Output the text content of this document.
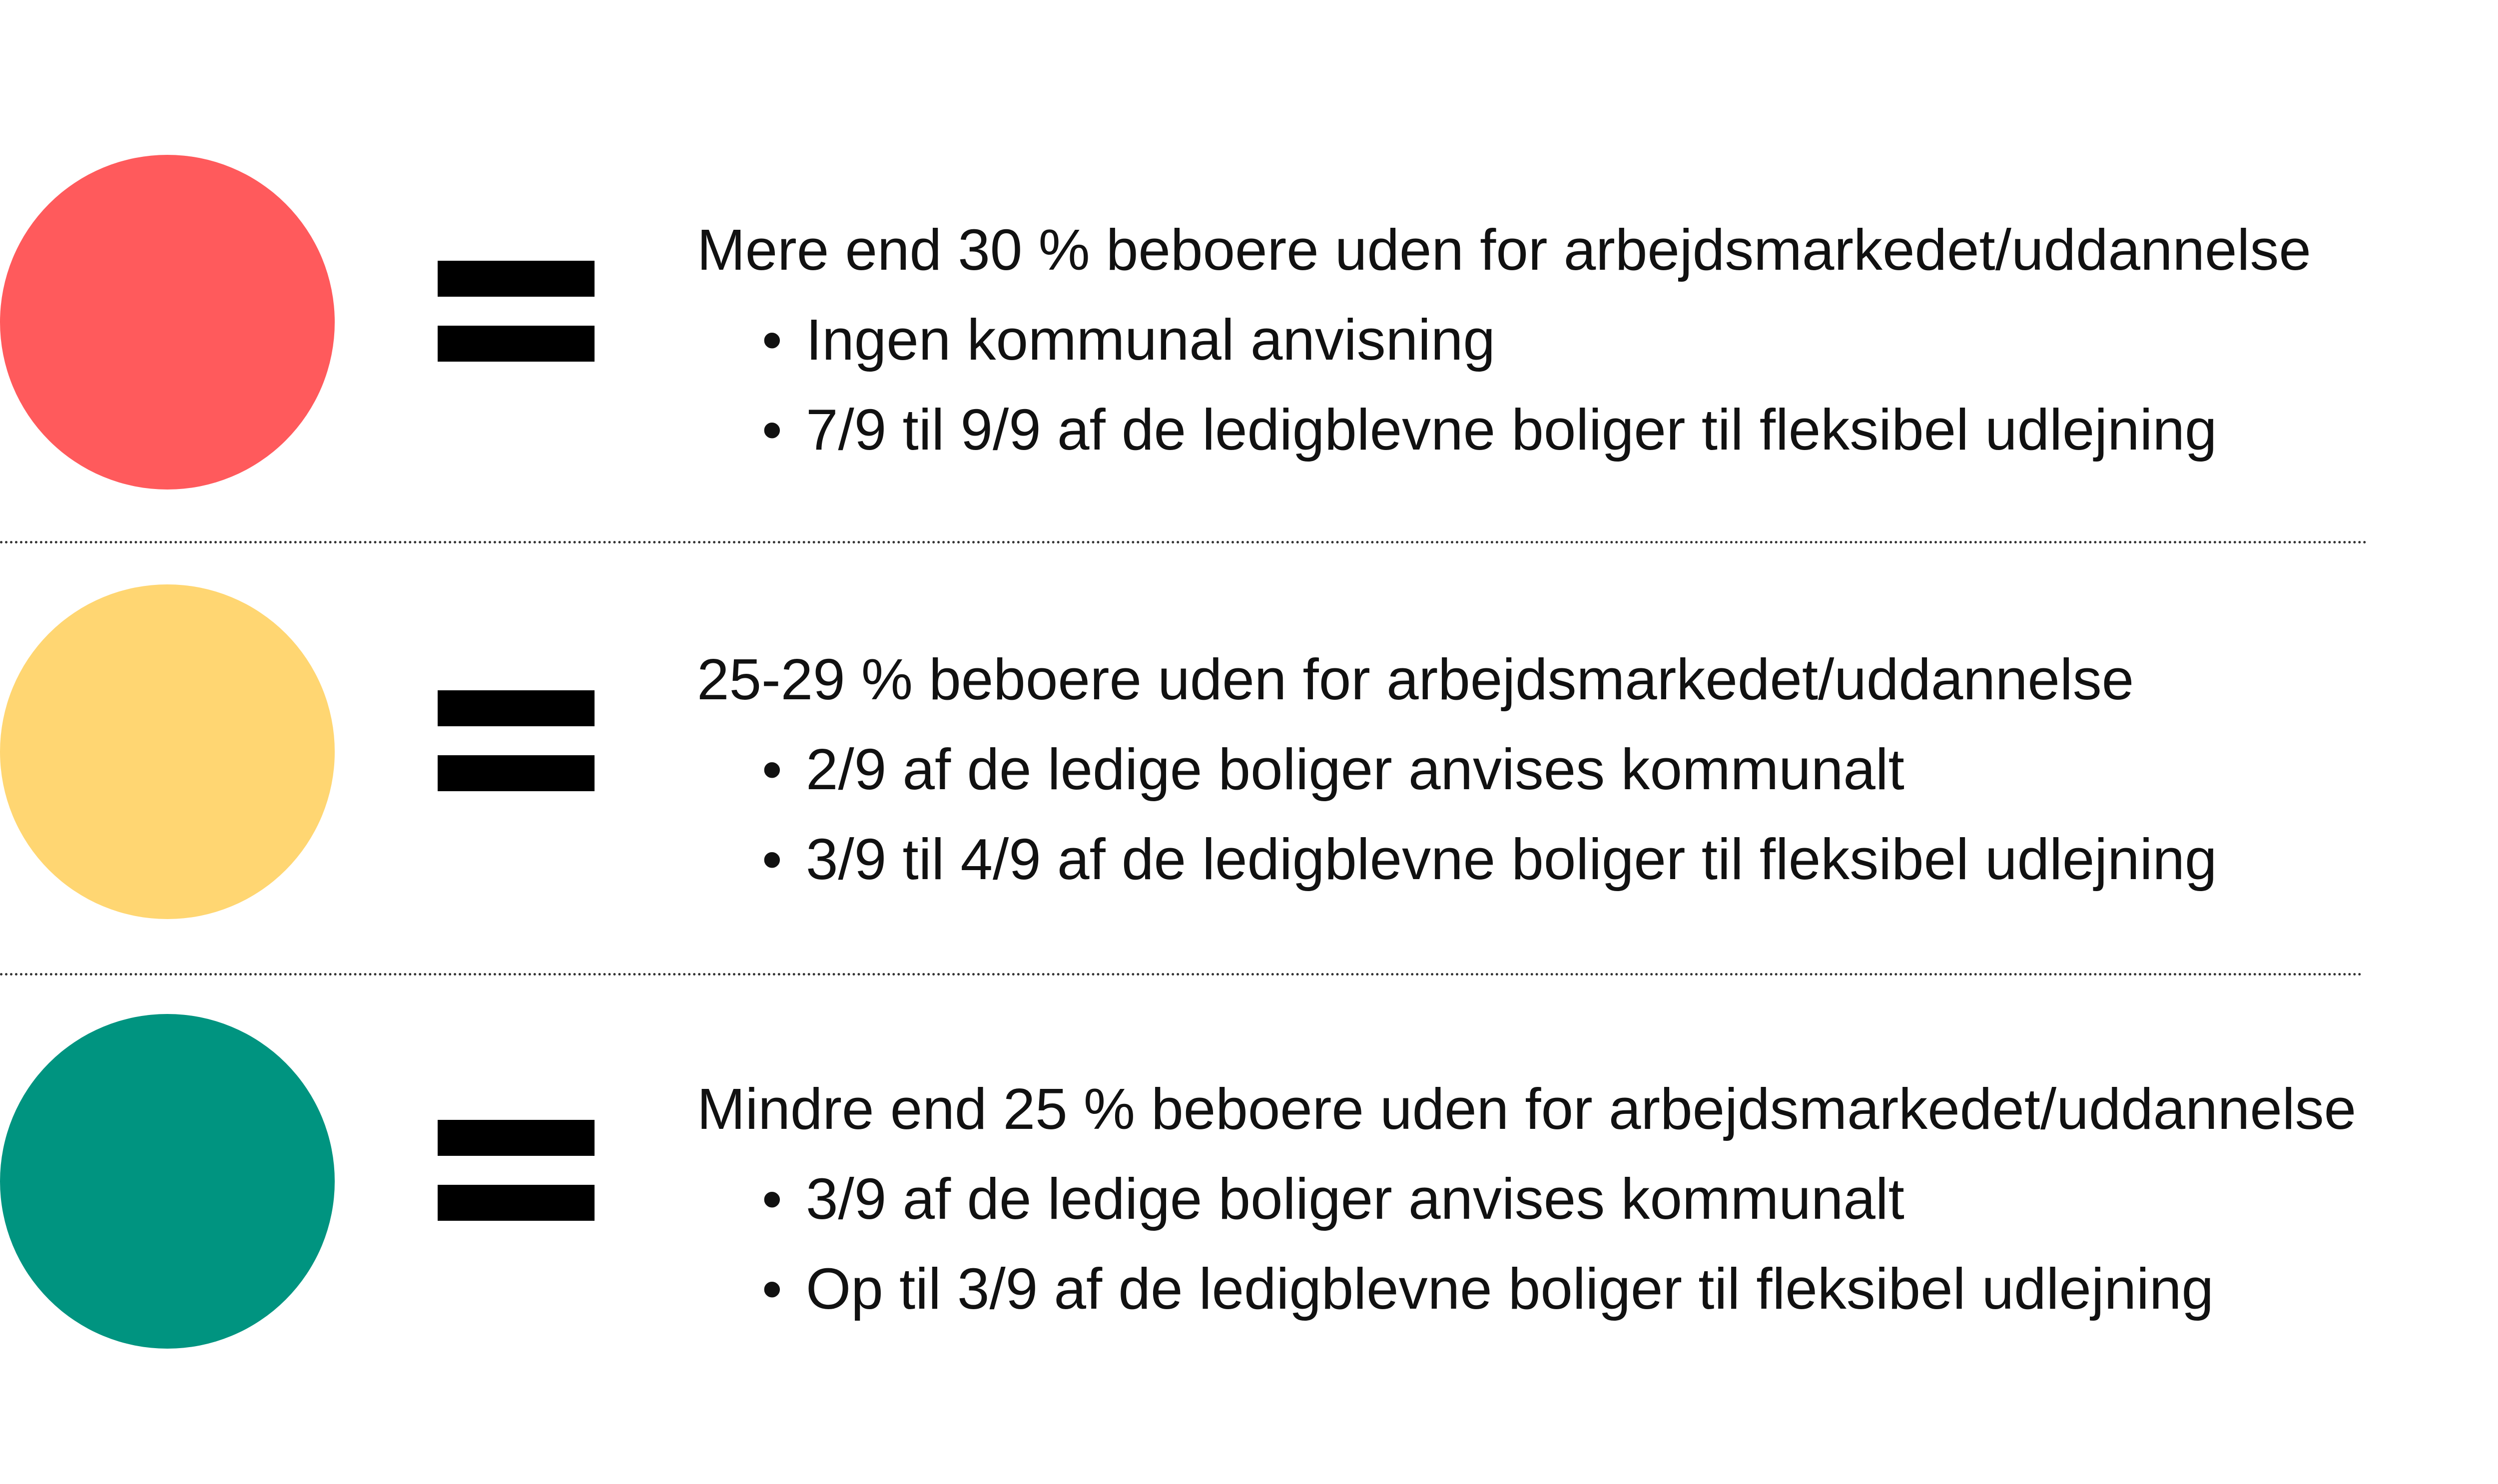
Mere end 30 % beboere uden for arbejdsmarkedet/uddannelse

• Ingen kommunal anvisning
• 7/9 til 9/9 af de ledigblevne boliger til fleksibel udlejning

25-29 % beboere uden for arbejdsmarkedet/uddannelse

• 2/9 af de ledige boliger anvises kommunalt
• 3/9 til 4/9 af de ledigblevne boliger til fleksibel udlejning

Mindre end 25 % beboere uden for arbejdsmarkedet/uddannelse

• 3/9 af de ledige boliger anvises kommunalt
• Op til 3/9 af de ledigblevne boliger til fleksibel udlejning
